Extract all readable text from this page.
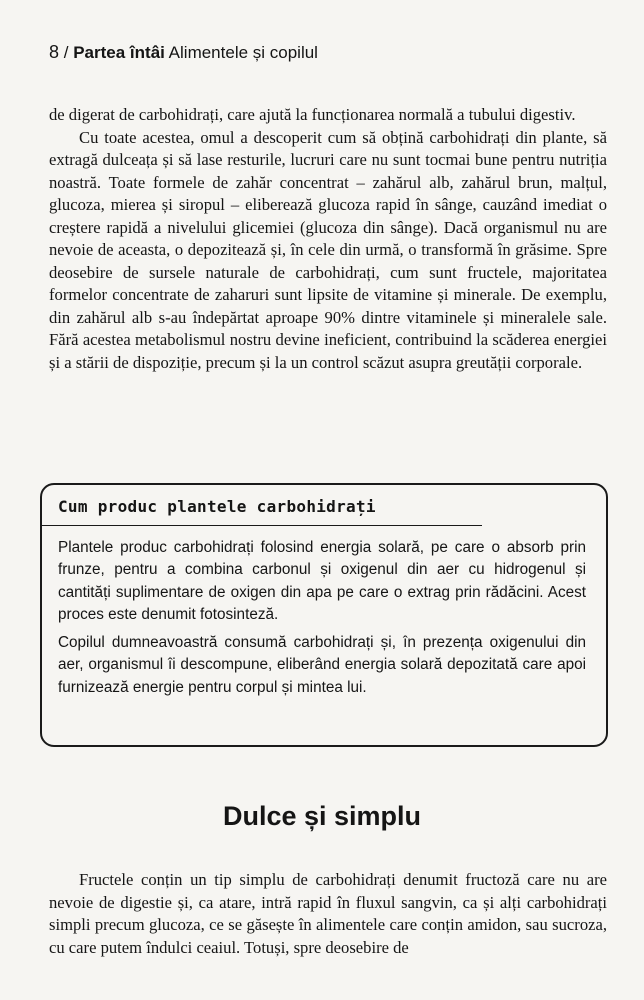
8 / Partea întâi Alimentele și copilul

de digerat de carbohidrați, care ajută la funcționarea normală a tubului digestiv.

Cu toate acestea, omul a descoperit cum să obțină carbohidrați din plante, să extragă dulceața și să lase resturile, lucruri care nu sunt tocmai bune pentru nutriția noastră. Toate formele de zahăr concentrat – zahărul alb, zahărul brun, malțul, glucoza, mierea și siropul – eliberează glucoza rapid în sânge, cauzând imediat o creștere rapidă a nivelului glicemiei (glucoza din sânge). Dacă organismul nu are nevoie de aceasta, o depozitează și, în cele din urmă, o transformă în grăsime. Spre deosebire de sursele naturale de carbohidrați, cum sunt fructele, majoritatea formelor concentrate de zaharuri sunt lipsite de vitamine și minerale. De exemplu, din zahărul alb s-au îndepărtat aproape 90% dintre vitaminele și mineralele sale. Fără acestea metabolismul nostru devine ineficient, contribuind la scăderea energiei și a stării de dispoziție, precum și la un control scăzut asupra greutății corporale.

Cum produc plantele carbohidrați

Plantele produc carbohidrați folosind energia solară, pe care o absorb prin frunze, pentru a combina carbonul și oxigenul din aer cu hidrogenul și cantități suplimentare de oxigen din apa pe care o extrag prin rădăcini. Acest proces este denumit fotosinteză.

Copilul dumneavoastră consumă carbohidrați și, în prezența oxigenului din aer, organismul îi descompune, eliberând energia solară depozitată care apoi furnizează energie pentru corpul și mintea lui.

Dulce și simplu

Fructele conțin un tip simplu de carbohidrați denumit fructoză care nu are nevoie de digestie și, ca atare, intră rapid în fluxul sangvin, ca și alți carbohidrați simpli precum glucoza, ce se găsește în alimentele care conțin amidon, sau sucroza, cu care putem îndulci ceaiul. Totuși, spre deosebire de
